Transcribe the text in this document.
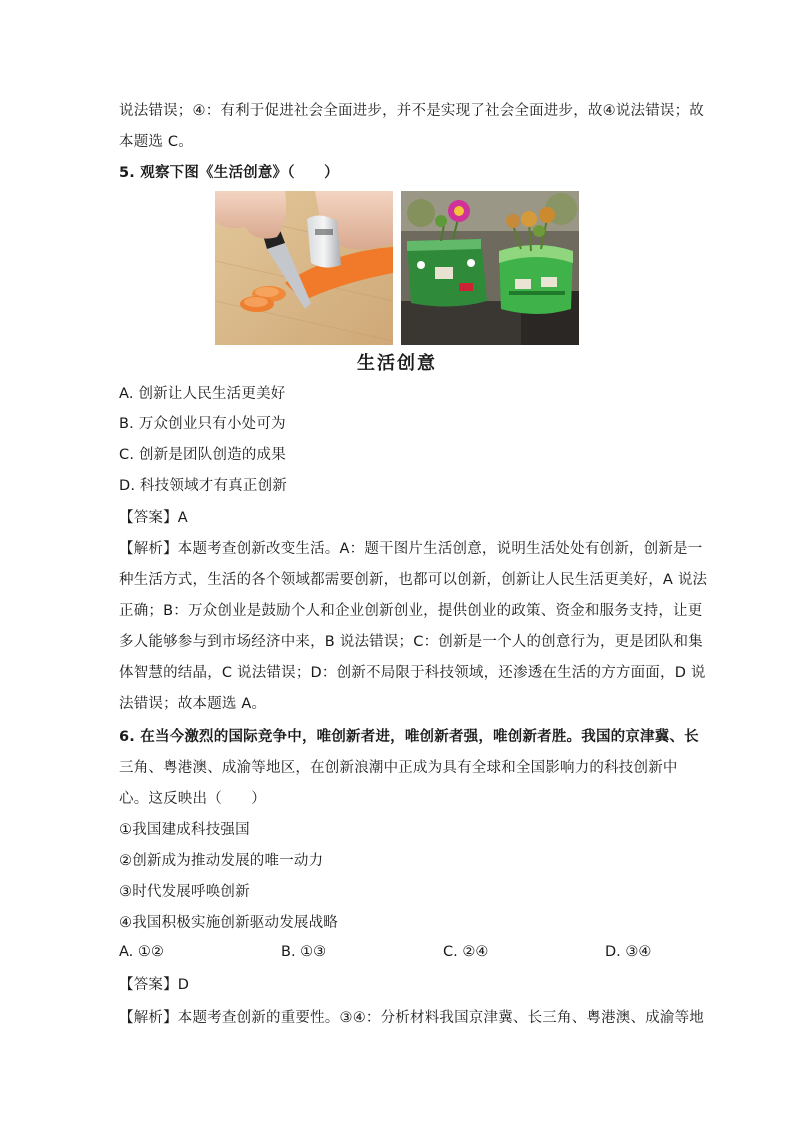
说法错误；④：有利于促进社会全面进步，并不是实现了社会全面进步，故④说法错误；故
本题选 C。
5. 观察下图《生活创意》（　　）
生活创意
A. 创新让人民生活更美好
B. 万众创业只有小处可为
C. 创新是团队创造的成果
D. 科技领域才有真正创新
【答案】A
【解析】本题考查创新改变生活。A：题干图片生活创意，说明生活处处有创新，创新是一
种生活方式，生活的各个领域都需要创新，也都可以创新，创新让人民生活更美好，A 说法
正确；B：万众创业是鼓励个人和企业创新创业，提供创业的政策、资金和服务支持，让更
多人能够参与到市场经济中来，B 说法错误；C：创新是一个人的创意行为，更是团队和集
体智慧的结晶，C 说法错误；D：创新不局限于科技领域，还渗透在生活的方方面面，D 说
法错误；故本题选 A。
6. 在当今激烈的国际竞争中，唯创新者进，唯创新者强，唯创新者胜。我国的京津冀、长
三角、粤港澳、成渝等地区，在创新浪潮中正成为具有全球和全国影响力的科技创新中
心。这反映出（　　）
①我国建成科技强国
②创新成为推动发展的唯一动力
③时代发展呼唤创新
④我国积极实施创新驱动发展战略
A. ①②	B. ①③	C. ②④	D. ③④
【答案】D
【解析】本题考查创新的重要性。③④：分析材料我国京津冀、长三角、粤港澳、成渝等地
